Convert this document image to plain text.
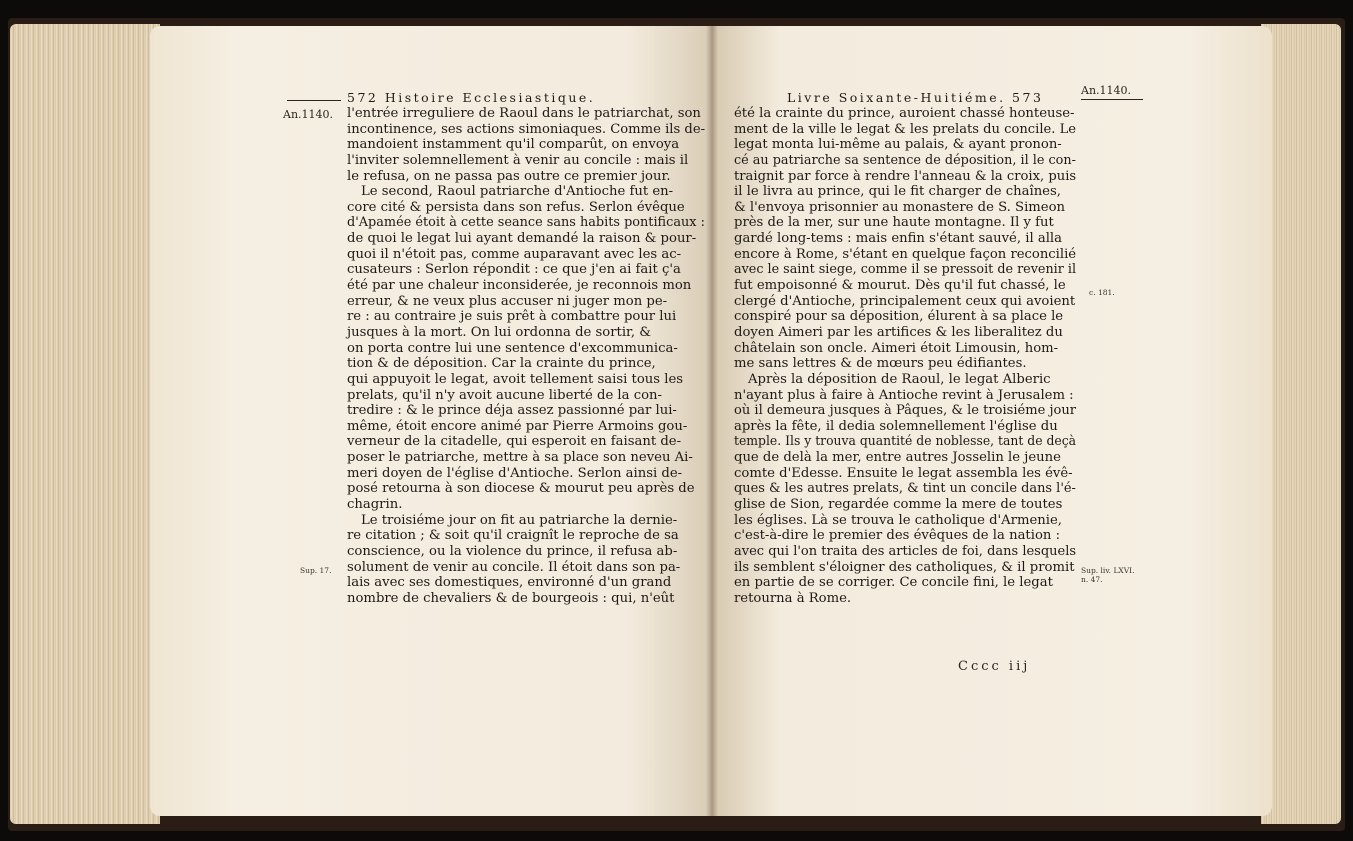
572 Histoire Ecclesiastique.
An.1140.
Sup. 17.
l'entrée irreguliere de Raoul dans le patriarchat, son
incontinence, ses actions simoniaques. Comme ils de-
mandoient instamment qu'il comparût, on envoya
l'inviter solemnellement à venir au concile : mais il
le refusa, on ne passa pas outre ce premier jour.
Le second, Raoul patriarche d'Antioche fut en-
core cité & persista dans son refus. Serlon évêque
d'Apamée étoit à cette seance sans habits pontificaux :
de quoi le legat lui ayant demandé la raison & pour-
quoi il n'étoit pas, comme auparavant avec les ac-
cusateurs : Serlon répondit : ce que j'en ai fait ç'a
été par une chaleur inconsiderée, je reconnois mon
erreur, & ne veux plus accuser ni juger mon pe-
re : au contraire je suis prêt à combattre pour lui
jusques à la mort. On lui ordonna de sortir, &
on porta contre lui une sentence d'excommunica-
tion & de déposition. Car la crainte du prince,
qui appuyoit le legat, avoit tellement saisi tous les
prelats, qu'il n'y avoit aucune liberté de la con-
tredire : & le prince déja assez passionné par lui-
même, étoit encore animé par Pierre Armoins gou-
verneur de la citadelle, qui esperoit en faisant de-
poser le patriarche, mettre à sa place son neveu Ai-
meri doyen de l'église d'Antioche. Serlon ainsi de-
posé retourna à son diocese & mourut peu après de
chagrin.
Le troisiéme jour on fit au patriarche la dernie-
re citation ; & soit qu'il craignît le reproche de sa
conscience, ou la violence du prince, il refusa ab-
solument de venir au concile. Il étoit dans son pa-
lais avec ses domestiques, environné d'un grand
nombre de chevaliers & de bourgeois : qui, n'eût
Livre Soixante-Huitiéme. 573	An.1140.
c. 181.
Sup. liv. LXVI.
n. 47.
été la crainte du prince, auroient chassé honteuse-
ment de la ville le legat & les prelats du concile. Le
legat monta lui-même au palais, & ayant pronon-
cé au patriarche sa sentence de déposition, il le con-
traignit par force à rendre l'anneau & la croix, puis
il le livra au prince, qui le fit charger de chaînes,
& l'envoya prisonnier au monastere de S. Simeon
près de la mer, sur une haute montagne. Il y fut
gardé long-tems : mais enfin s'étant sauvé, il alla
encore à Rome, s'étant en quelque façon reconcilié
avec le saint siege, comme il se pressoit de revenir il
fut empoisonné & mourut. Dès qu'il fut chassé, le
clergé d'Antioche, principalement ceux qui avoient
conspiré pour sa déposition, élurent à sa place le
doyen Aimeri par les artifices & les liberalitez du
châtelain son oncle. Aimeri étoit Limousin, hom-
me sans lettres & de mœurs peu édifiantes.
Après la déposition de Raoul, le legat Alberic
n'ayant plus à faire à Antioche revint à Jerusalem :
où il demeura jusques à Pâques, & le troisiéme jour
après la fête, il dedia solemnellement l'église du
temple. Ils y trouva quantité de noblesse, tant de deçà
que de delà la mer, entre autres Josselin le jeune
comte d'Edesse. Ensuite le legat assembla les évê-
ques & les autres prelats, & tint un concile dans l'é-
glise de Sion, regardée comme la mere de toutes
les églises. Là se trouva le catholique d'Armenie,
c'est-à-dire le premier des évêques de la nation :
avec qui l'on traita des articles de foi, dans lesquels
ils semblent s'éloigner des catholiques, & il promit
en partie de se corriger. Ce concile fini, le legat
retourna à Rome.
Cccc iij
